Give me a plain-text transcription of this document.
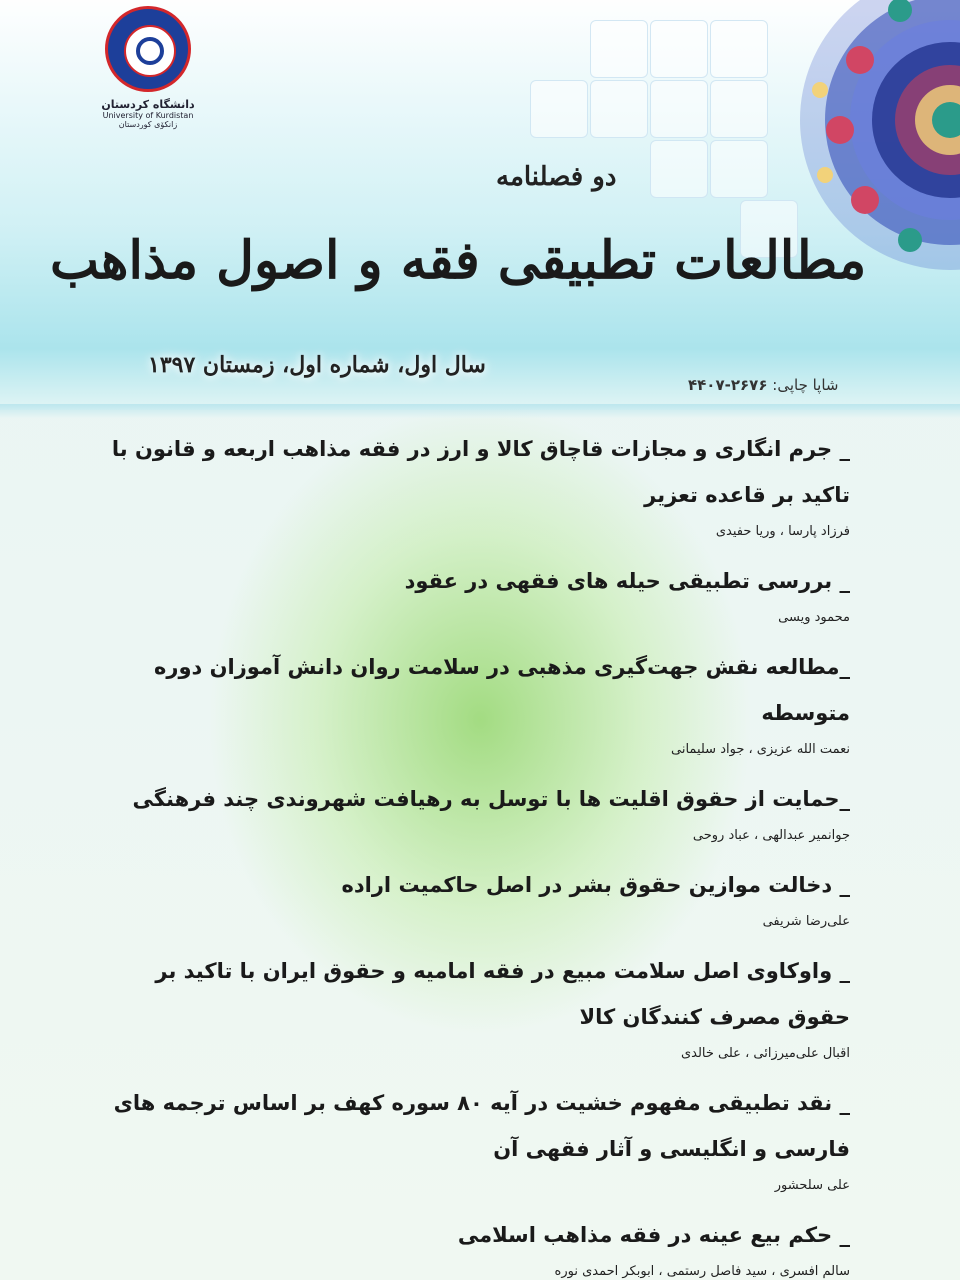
دانشگاه کردستان
University of Kurdistan
زانکۆی کوردستان
دو فصلنامه
مطالعات تطبیقی فقه و اصول مذاهب
سال اول، شماره اول، زمستان ۱۳۹۷
شاپا چاپی: ۲۶۷۶-۴۴۰۷
_ جرم انگاری و مجازات قاچاق کالا و ارز در فقه مذاهب اربعه و قانون با تاکید بر قاعده تعزیر
فرزاد پارسا ، وریا حفیدی
_ بررسی تطبیقی حیله های فقهی در عقود
محمود ویسی
_مطالعه نقش جهت‌گیری مذهبی در سلامت روان دانش آموزان دوره متوسطه
نعمت الله عزیزی ، جواد سلیمانی
_حمایت از حقوق اقلیت ها با توسل به رهیافت شهروندی چند فرهنگی
جوانمیر عبدالهی ، عباد روحی
_ دخالت موازین حقوق بشر در اصل حاکمیت اراده
علی‌رضا شریفی
_ واوکاوی اصل سلامت مبیع در فقه امامیه و حقوق ایران با تاکید بر حقوق مصرف کنندگان کالا
اقبال علی‌میرزائی ، علی خالدی
_ نقد تطبیقی مفهوم خشیت در آیه ۸۰ سوره کهف بر اساس ترجمه های فارسی و انگلیسی و آثار فقهی آن
علی سلحشور
_ حکم بیع عینه در فقه مذاهب اسلامی
سالم افسری ، سید فاصل رستمی ، ابوبکر احمدی نوره
